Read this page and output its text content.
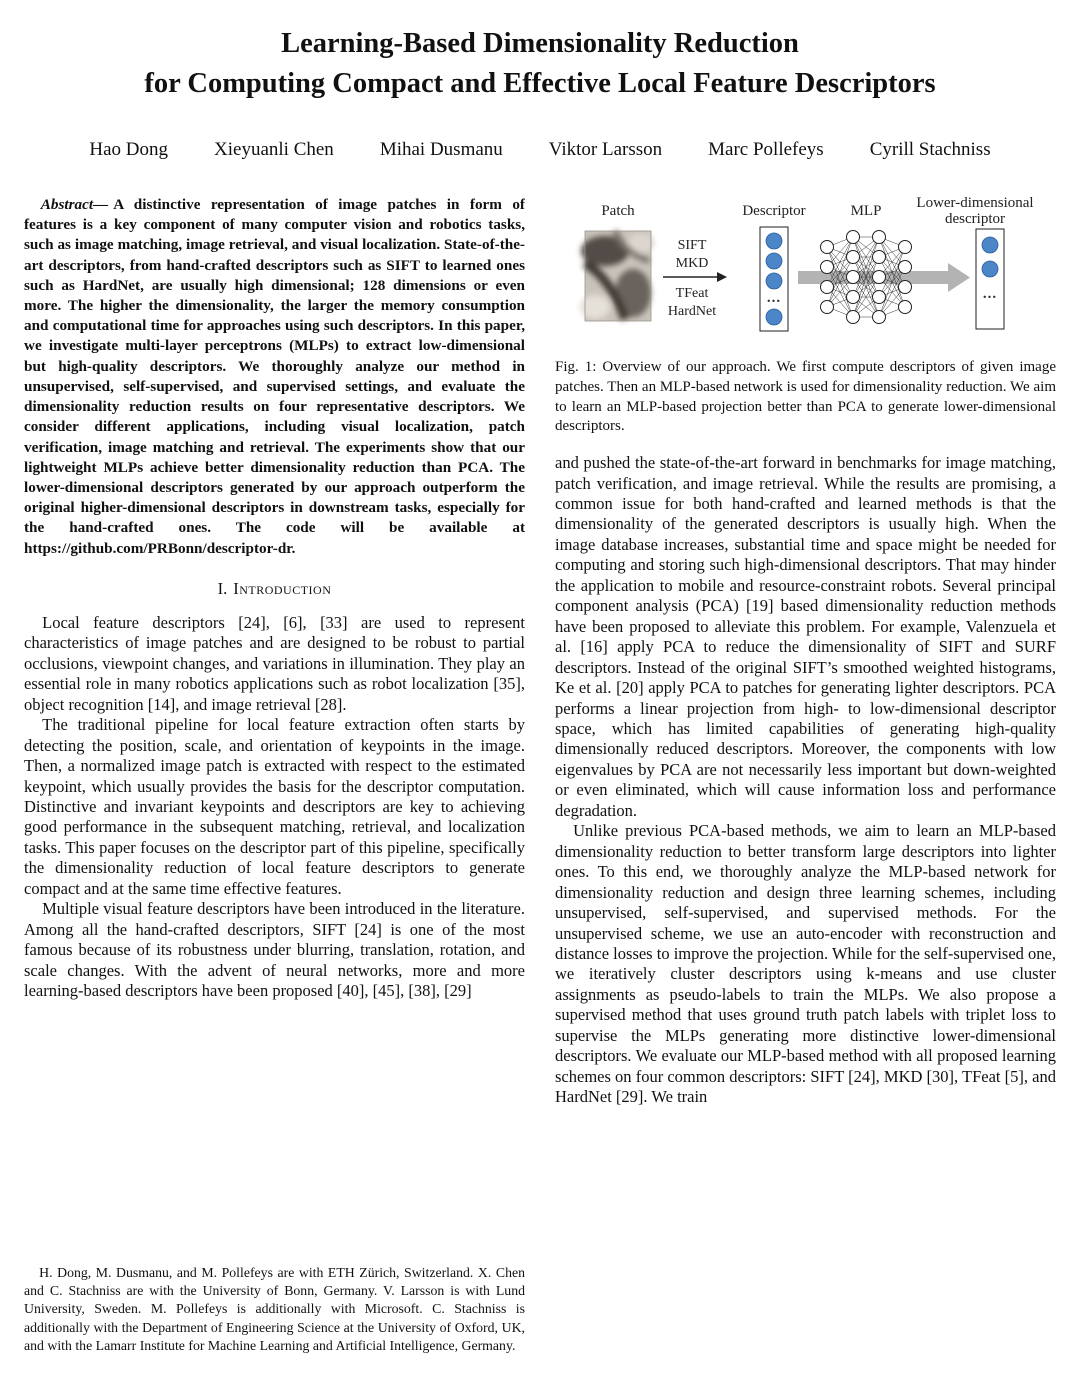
Learning-Based Dimensionality Reduction
for Computing Compact and Effective Local Feature Descriptors
Hao Dong Xieyuanli Chen Mihai Dusmanu Viktor Larsson Marc Pollefeys Cyrill Stachniss

Abstract— A distinctive representation of image patches in form of features is a key component of many computer vision and robotics tasks, such as image matching, image retrieval, and visual localization. State-of-the-art descriptors, from hand-crafted descriptors such as SIFT to learned ones such as HardNet, are usually high dimensional; 128 dimensions or even more. The higher the dimensionality, the larger the memory consumption and computational time for approaches using such descriptors. In this paper, we investigate multi-layer perceptrons (MLPs) to extract low-dimensional but high-quality descriptors. We thoroughly analyze our method in unsupervised, self-supervised, and supervised settings, and evaluate the dimensionality reduction results on four representative descriptors. We consider different applications, including visual localization, patch verification, image matching and retrieval. The experiments show that our lightweight MLPs achieve better dimensionality reduction than PCA. The lower-dimensional descriptors generated by our approach outperform the original higher-dimensional descriptors in downstream tasks, especially for the hand-crafted ones. The code will be available at https://github.com/PRBonn/descriptor-dr.

I. Introduction

Local feature descriptors [24], [6], [33] are used to represent characteristics of image patches and are designed to be robust to partial occlusions, viewpoint changes, and variations in illumination. They play an essential role in many robotics applications such as robot localization [35], object recognition [14], and image retrieval [28].

The traditional pipeline for local feature extraction often starts by detecting the position, scale, and orientation of keypoints in the image. Then, a normalized image patch is extracted with respect to the estimated keypoint, which usually provides the basis for the descriptor computation. Distinctive and invariant keypoints and descriptors are key to achieving good performance in the subsequent matching, retrieval, and localization tasks. This paper focuses on the descriptor part of this pipeline, specifically the dimensionality reduction of local feature descriptors to generate compact and at the same time effective features.

Multiple visual feature descriptors have been introduced in the literature. Among all the hand-crafted descriptors, SIFT [24] is one of the most famous because of its robustness under blurring, translation, rotation, and scale changes. With the advent of neural networks, more and more learning-based descriptors have been proposed [40], [45], [38], [29]

H. Dong, M. Dusmanu, and M. Pollefeys are with ETH Zürich, Switzerland. X. Chen and C. Stachniss are with the University of Bonn, Germany. V. Larsson is with Lund University, Sweden. M. Pollefeys is additionally with Microsoft. C. Stachniss is additionally with the Department of Engineering Science at the University of Oxford, UK, and with the Lamarr Institute for Machine Learning and Artificial Intelligence, Germany.

Patch	Descriptor	MLP Lower-dimensional
descriptor
SIFT
MKD
TFeat
HardNet
...	...

Fig. 1: Overview of our approach. We first compute descriptors of given image patches. Then an MLP-based network is used for dimensionality reduction. We aim to learn an MLP-based projection better than PCA to generate lower-dimensional descriptors.

and pushed the state-of-the-art forward in benchmarks for image matching, patch verification, and image retrieval. While the results are promising, a common issue for both hand-crafted and learned methods is that the dimensionality of the generated descriptors is usually high. When the image database increases, substantial time and space might be needed for computing and storing such high-dimensional descriptors. That may hinder the application to mobile and resource-constraint robots. Several principal component analysis (PCA) [19] based dimensionality reduction methods have been proposed to alleviate this problem. For example, Valenzuela et al. [16] apply PCA to reduce the dimensionality of SIFT and SURF descriptors. Instead of the original SIFT’s smoothed weighted histograms, Ke et al. [20] apply PCA to patches for generating lighter descriptors. PCA performs a linear projection from high- to low-dimensional descriptor space, which has limited capabilities of generating high-quality dimensionally reduced descriptors. Moreover, the components with low eigenvalues by PCA are not necessarily less important but down-weighted or even eliminated, which will cause information loss and performance degradation.

Unlike previous PCA-based methods, we aim to learn an MLP-based dimensionality reduction to better transform large descriptors into lighter ones. To this end, we thoroughly analyze the MLP-based network for dimensionality reduction and design three learning schemes, including unsupervised, self-supervised, and supervised methods. For the unsupervised scheme, we use an auto-encoder with reconstruction and distance losses to improve the projection. While for the self-supervised one, we iteratively cluster descriptors using k-means and use cluster assignments as pseudo-labels to train the MLPs. We also propose a supervised method that uses ground truth patch labels with triplet loss to supervise the MLPs generating more distinctive lower-dimensional descriptors. We evaluate our MLP-based method with all proposed learning schemes on four common descriptors: SIFT [24], MKD [30], TFeat [5], and HardNet [29]. We train
